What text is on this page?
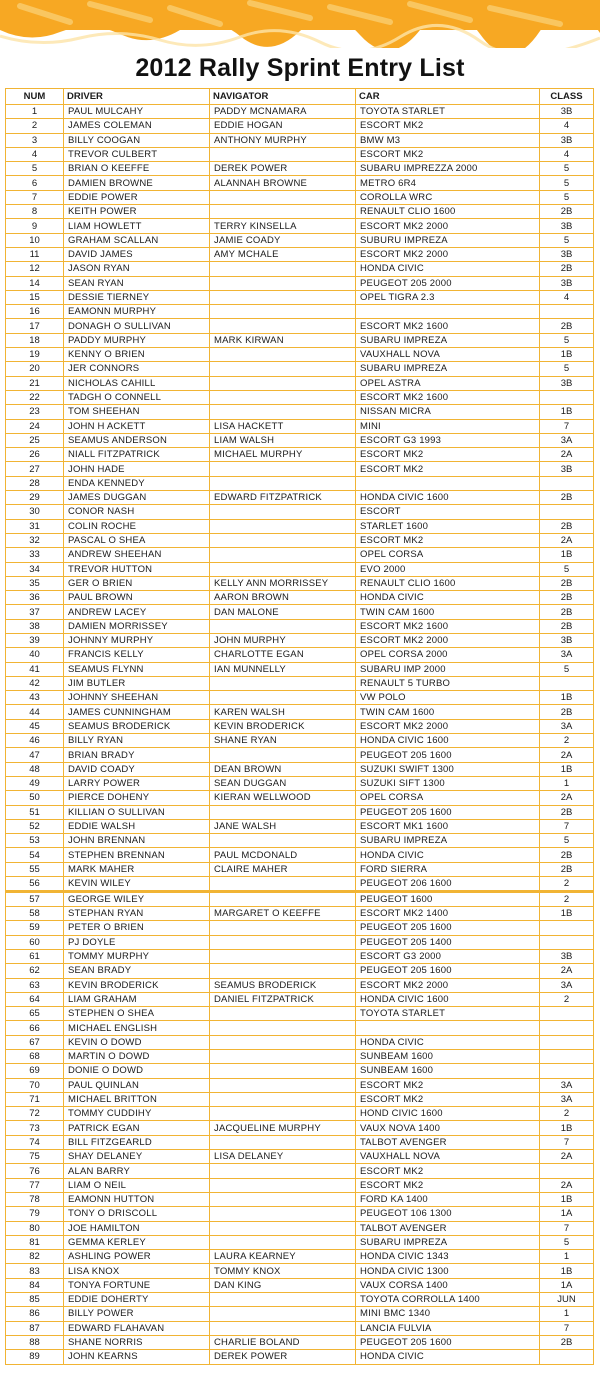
2012 Rally Sprint Entry List
NUM	DRIVER	NAVIGATOR	CAR	CLASS
1	PAUL MULCAHY	PADDY MCNAMARA	TOYOTA STARLET	3B
2	JAMES COLEMAN	EDDIE HOGAN	ESCORT MK2	4
3	BILLY COOGAN	ANTHONY MURPHY	BMW M3	3B
4	TREVOR CULBERT		ESCORT MK2	4
5	BRIAN O KEEFFE	DEREK POWER	SUBARU IMPREZZA 2000	5
6	DAMIEN BROWNE	ALANNAH BROWNE	METRO 6R4	5
7	EDDIE POWER		COROLLA WRC	5
8	KEITH POWER		RENAULT CLIO 1600	2B
9	LIAM HOWLETT	TERRY KINSELLA	ESCORT MK2 2000	3B
10	GRAHAM SCALLAN	JAMIE COADY	SUBURU IMPREZA	5
11	DAVID JAMES	AMY MCHALE	ESCORT MK2 2000	3B
12	JASON RYAN		HONDA CIVIC	2B
14	SEAN RYAN		PEUGEOT 205 2000	3B
15	DESSIE TIERNEY		OPEL TIGRA 2.3	4
16	EAMONN MURPHY			
17	DONAGH O SULLIVAN		ESCORT MK2 1600	2B
18	PADDY MURPHY	MARK KIRWAN	SUBARU IMPREZA	5
19	KENNY O BRIEN		VAUXHALL NOVA	1B
20	JER CONNORS		SUBARU IMPREZA	5
21	NICHOLAS CAHILL		OPEL ASTRA	3B
22	TADGH O CONNELL		ESCORT MK2 1600	
23	TOM SHEEHAN		NISSAN MICRA	1B
24	JOHN H ACKETT	LISA HACKETT	MINI	7
25	SEAMUS ANDERSON	LIAM WALSH	ESCORT G3 1993	3A
26	NIALL FITZPATRICK	MICHAEL MURPHY	ESCORT MK2	2A
27	JOHN HADE		ESCORT MK2	3B
28	ENDA KENNEDY			
29	JAMES DUGGAN	EDWARD FITZPATRICK	HONDA CIVIC 1600	2B
30	CONOR NASH		ESCORT	
31	COLIN ROCHE		STARLET 1600	2B
32	PASCAL O SHEA		ESCORT MK2	2A
33	ANDREW SHEEHAN		OPEL CORSA	1B
34	TREVOR HUTTON		EVO 2000	5
35	GER O BRIEN	KELLY ANN MORRISSEY	RENAULT CLIO 1600	2B
36	PAUL BROWN	AARON BROWN	HONDA CIVIC	2B
37	ANDREW LACEY	DAN MALONE	TWIN CAM 1600	2B
38	DAMIEN MORRISSEY		ESCORT MK2 1600	2B
39	JOHNNY MURPHY	JOHN MURPHY	ESCORT MK2 2000	3B
40	FRANCIS KELLY	CHARLOTTE EGAN	OPEL CORSA 2000	3A
41	SEAMUS FLYNN	IAN MUNNELLY	SUBARU IMP 2000	5
42	JIM BUTLER		RENAULT 5 TURBO	
43	JOHNNY SHEEHAN		VW POLO	1B
44	JAMES CUNNINGHAM	KAREN WALSH	TWIN CAM 1600	2B
45	SEAMUS BRODERICK	KEVIN BRODERICK	ESCORT MK2 2000	3A
46	BILLY RYAN	SHANE RYAN	HONDA CIVIC 1600	2
47	BRIAN BRADY		PEUGEOT 205 1600	2A
48	DAVID COADY	DEAN BROWN	SUZUKI SWIFT 1300	1B
49	LARRY POWER	SEAN DUGGAN	SUZUKI SIFT 1300	1
50	PIERCE DOHENY	KIERAN WELLWOOD	OPEL CORSA	2A
51	KILLIAN O SULLIVAN		PEUGEOT 205 1600	2B
52	EDDIE WALSH	JANE WALSH	ESCORT MK1 1600	7
53	JOHN BRENNAN		SUBARU IMPREZA	5
54	STEPHEN BRENNAN	PAUL MCDONALD	HONDA CIVIC	2B
55	MARK MAHER	CLAIRE MAHER	FORD SIERRA	2B
56	KEVIN WILEY		PEUGEOT 206 1600	2
57	GEORGE WILEY		PEUGEOT 1600	2
58	STEPHAN RYAN	MARGARET O KEEFFE	ESCORT MK2 1400	1B
59	PETER O BRIEN		PEUGEOT 205 1600	
60	PJ DOYLE		PEUGEOT 205 1400	
61	TOMMY MURPHY		ESCORT G3 2000	3B
62	SEAN BRADY		PEUGEOT 205 1600	2A
63	KEVIN BRODERICK	SEAMUS BRODERICK	ESCORT MK2 2000	3A
64	LIAM GRAHAM	DANIEL FITZPATRICK	HONDA CIVIC 1600	2
65	STEPHEN O SHEA		TOYOTA STARLET	
66	MICHAEL ENGLISH			
67	KEVIN O DOWD		HONDA CIVIC	
68	MARTIN O DOWD		SUNBEAM 1600	
69	DONIE O DOWD		SUNBEAM 1600	
70	PAUL QUINLAN		ESCORT MK2	3A
71	MICHAEL BRITTON		ESCORT MK2	3A
72	TOMMY CUDDIHY		HOND CIVIC 1600	2
73	PATRICK EGAN	JACQUELINE MURPHY	VAUX NOVA 1400	1B
74	BILL FITZGEARLD		TALBOT AVENGER	7
75	SHAY DELANEY	LISA DELANEY	VAUXHALL NOVA	2A
76	ALAN BARRY		ESCORT MK2	
77	LIAM O NEIL		ESCORT MK2	2A
78	EAMONN HUTTON		FORD KA 1400	1B
79	TONY O DRISCOLL		PEUGEOT 106 1300	1A
80	JOE HAMILTON		TALBOT AVENGER	7
81	GEMMA KERLEY		SUBARU IMPREZA	5
82	ASHLING POWER	LAURA KEARNEY	HONDA CIVIC 1343	1
83	LISA KNOX	TOMMY KNOX	HONDA CIVIC 1300	1B
84	TONYA FORTUNE	DAN KING	VAUX CORSA 1400	1A
85	EDDIE DOHERTY		TOYOTA CORROLLA 1400	JUN
86	BILLY POWER		MINI BMC 1340	1
87	EDWARD FLAHAVAN		LANCIA FULVIA	7
88	SHANE NORRIS	CHARLIE BOLAND	PEUGEOT 205 1600	2B
89	JOHN KEARNS	DEREK POWER	HONDA CIVIC	
